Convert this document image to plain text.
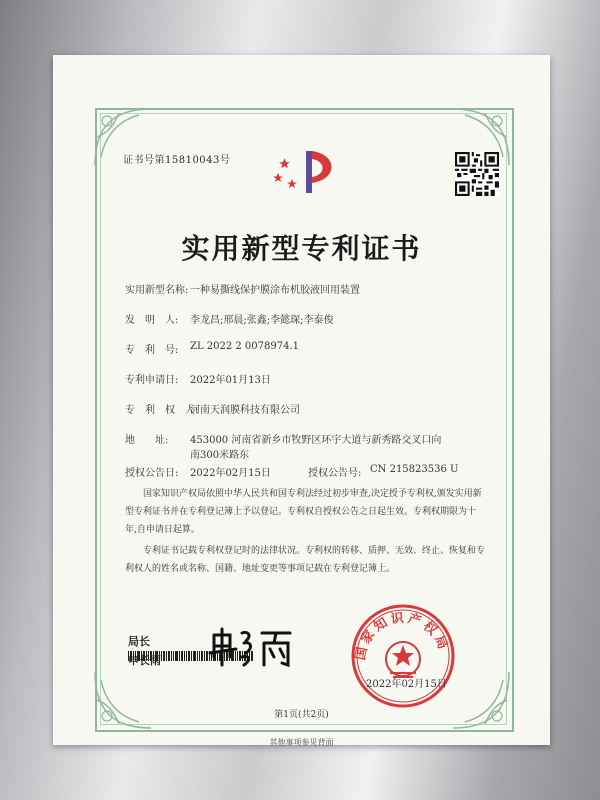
证书号第15810043号
实用新型专利证书
实用新型名称: 一种易撕线保护膜涂布机胶液回用装置
发　明　人: 李龙昌;邢晨;张鑫;李懿琛;李泰俊
专　利　号: ZL 2022 2 0078974.1
专利申请日: 2022年01月13日
专　利　权　人:
河南天润膜科技有限公司
地　　址: 453000 河南省新乡市牧野区环宇大道与新秀路交叉口向
南300米路东
授权公告日: 2022年02月15日	授权公告号: CN 215823536 U
国家知识产权局依照中华人民共和国专利法经过初步审查,决定授予专利权,颁发实用新型专利证书并在专利登记簿上予以登记。专利权自授权公告之日起生效。专利权期限为十年,自申请日起算。
专利证书记载专利权登记时的法律状况。专利权的转移、质押、无效、终止、恢复和专利权人的姓名或名称、国籍、地址变更等事项记载在专利登记簿上。
局长
申长雨	国家知识产权局
2022年02月15日
第1页(共2页)
其他事项参见背面
